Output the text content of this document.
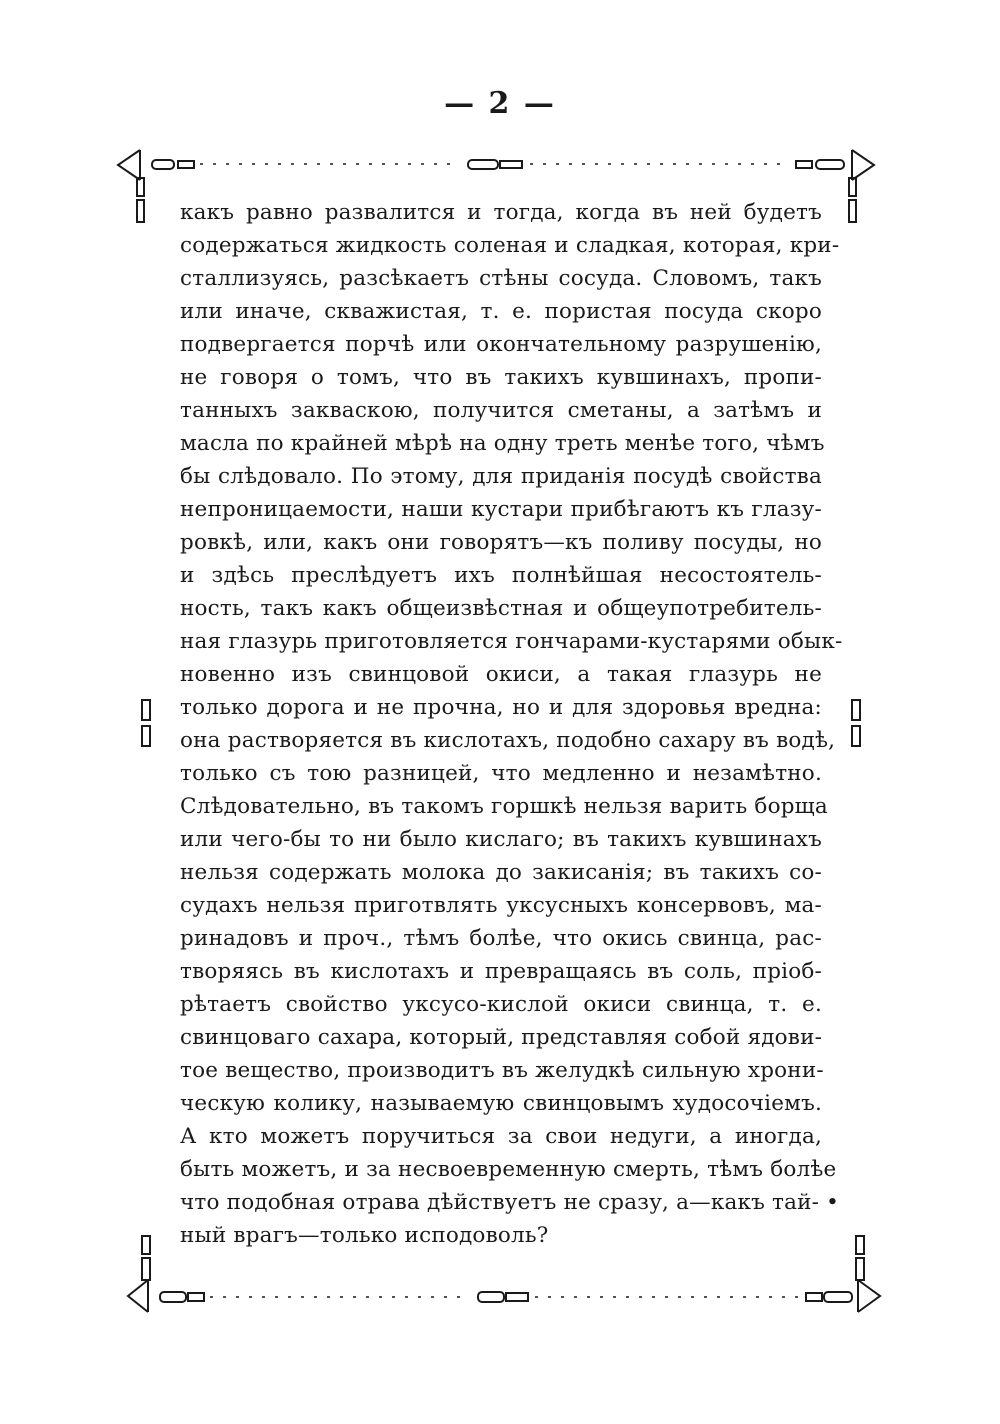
— 2 —
какъ равно развалится и тогда, когда въ ней будетъ
содержаться жидкость соленая и сладкая, которая, кри-
сталлизуясь, разсѣкаетъ стѣны сосуда. Словомъ, такъ
или иначе, скважистая, т. е. пористая посуда скоро
подвергается порчѣ или окончательному разрушенію,
не говоря о томъ, что въ такихъ кувшинахъ, пропи-
танныхъ закваскою, получится сметаны, а затѣмъ и
масла по крайней мѣрѣ на одну треть менѣе того, чѣмъ
бы слѣдовало. По этому, для приданія посудѣ свойства
непроницаемости, наши кустари прибѣгаютъ къ глазу-
ровкѣ, или, какъ они говорятъ—къ поливу посуды, но
и здѣсь преслѣдуетъ ихъ полнѣйшая несостоятель-
ность, такъ какъ общеизвѣстная и общеупотребитель-
ная глазурь приготовляется гончарами-кустарями обык-
новенно изъ свинцовой окиси, а такая глазурь не
только дорога и не прочна, но и для здоровья вредна:
она растворяется въ кислотахъ, подобно сахару въ водѣ,
только съ тою разницей, что медленно и незамѣтно.
Слѣдовательно, въ такомъ горшкѣ нельзя варить борща
или чего-бы то ни было кислаго; въ такихъ кувшинахъ
нельзя содержать молока до закисанія; въ такихъ со-
судахъ нельзя приготвлять уксусныхъ консервовъ, ма-
ринадовъ и проч., тѣмъ болѣе, что окись свинца, рас-
творяясь въ кислотахъ и превращаясь въ соль, пріоб-
рѣтаетъ свойство уксусо-кислой окиси свинца, т. е.
свинцоваго сахара, который, представляя собой ядови-
тое вещество, производитъ въ желудкѣ сильную хрони-
ческую колику, называемую свинцовымъ худосочіемъ.
А кто можетъ поручиться за свои недуги, а иногда,
быть можетъ, и за несвоевременную смерть, тѣмъ болѣе
что подобная отрава дѣйствуетъ не сразу, а—какъ тай- •
ный врагъ—только исподоволь?
